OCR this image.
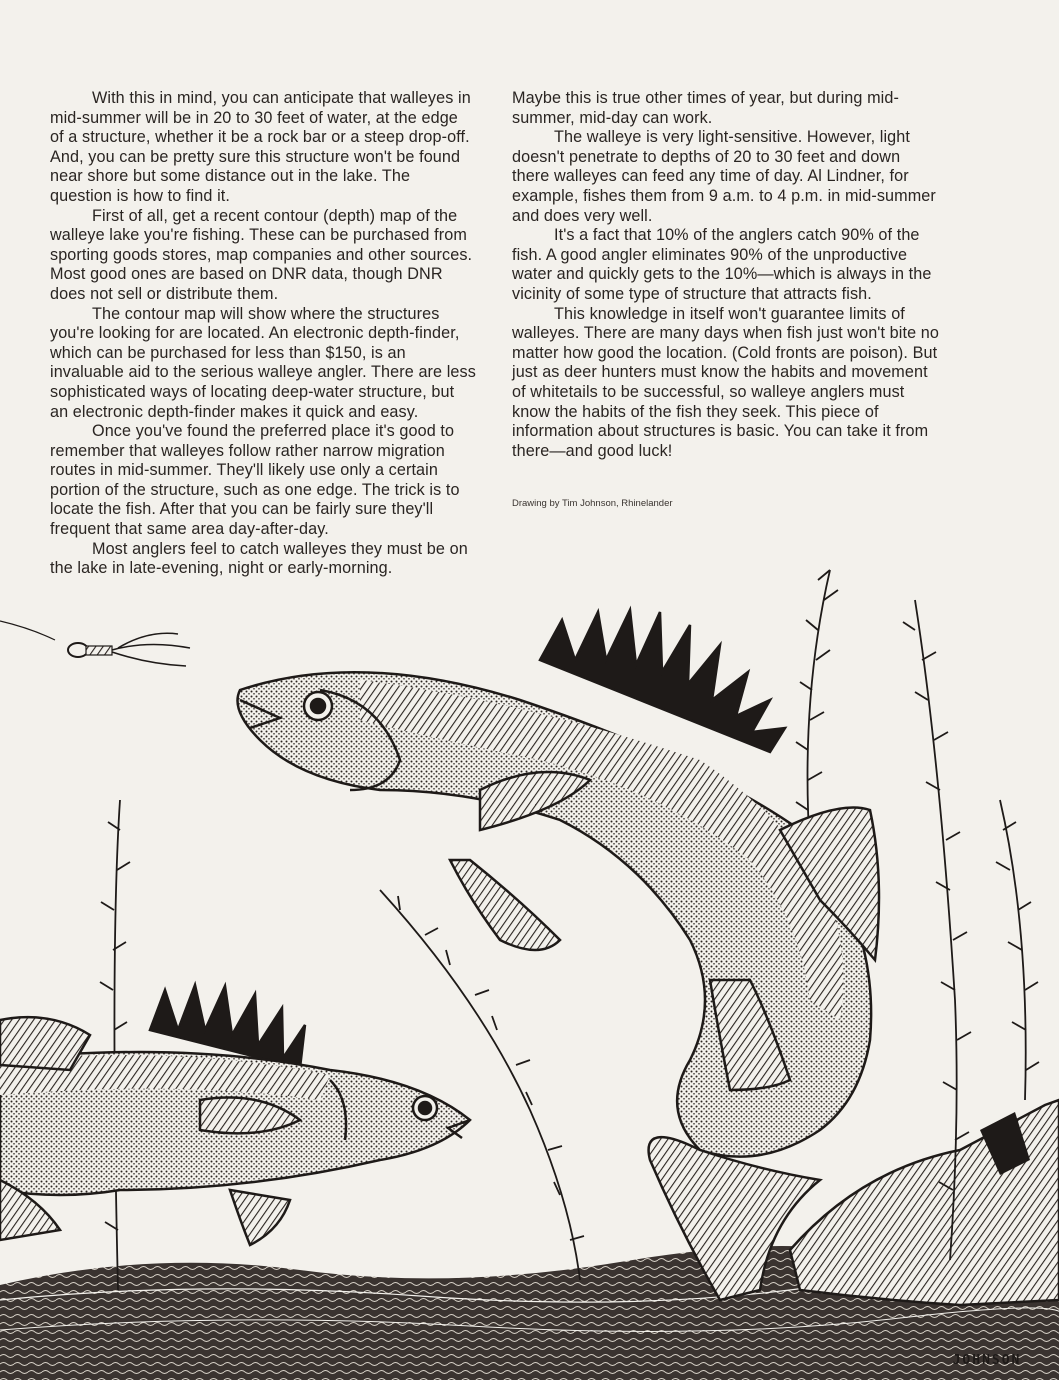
With this in mind, you can anticipate that walleyes in mid-summer will be in 20 to 30 feet of water, at the edge of a structure, whether it be a rock bar or a steep drop-off. And, you can be pretty sure this structure won't be found near shore but some distance out in the lake. The question is how to find it.

First of all, get a recent contour (depth) map of the walleye lake you're fishing. These can be purchased from sporting goods stores, map companies and other sources. Most good ones are based on DNR data, though DNR does not sell or distribute them.

The contour map will show where the structures you're looking for are located. An electronic depth-finder, which can be purchased for less than $150, is an invaluable aid to the serious walleye angler. There are less sophisticated ways of locating deep-water structure, but an electronic depth-finder makes it quick and easy.

Once you've found the preferred place it's good to remember that walleyes follow rather narrow migration routes in mid-summer. They'll likely use only a certain portion of the structure, such as one edge. The trick is to locate the fish. After that you can be fairly sure they'll frequent that same area day-after-day.

Most anglers feel to catch walleyes they must be on the lake in late-evening, night or early-morning.

Maybe this is true other times of year, but during mid-summer, mid-day can work.

The walleye is very light-sensitive. However, light doesn't penetrate to depths of 20 to 30 feet and down there walleyes can feed any time of day. Al Lindner, for example, fishes them from 9 a.m. to 4 p.m. in mid-summer and does very well.

It's a fact that 10% of the anglers catch 90% of the fish. A good angler eliminates 90% of the unproductive water and quickly gets to the 10%—which is always in the vicinity of some type of structure that attracts fish.

This knowledge in itself won't guarantee limits of walleyes. There are many days when fish just won't bite no matter how good the location. (Cold fronts are poison). But just as deer hunters must know the habits and movement of whitetails to be successful, so walleye anglers must know the habits of the fish they seek. This piece of information about structures is basic. You can take it from there—and good luck!

Drawing by Tim Johnson, Rhinelander
JOHNSON
